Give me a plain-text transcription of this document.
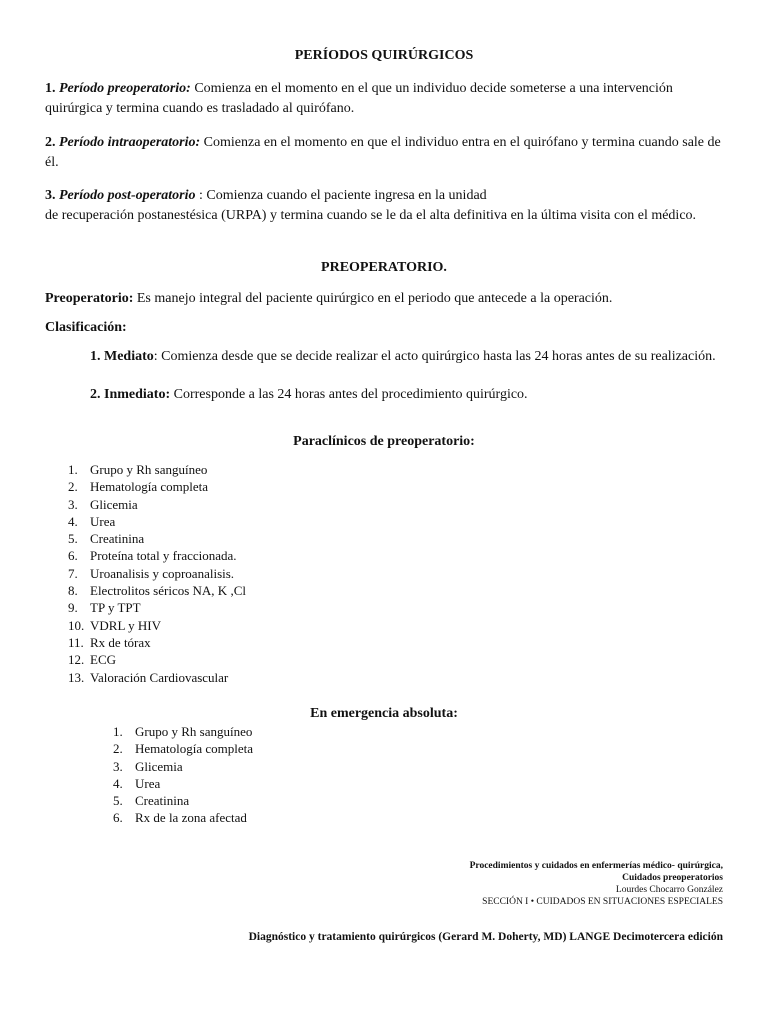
PERÍODOS QUIRÚRGICOS
1. Período preoperatorio: Comienza en el momento en el que un individuo decide someterse a una intervención quirúrgica y termina cuando es trasladado al quirófano.
2. Período intraoperatorio: Comienza en el momento en que el individuo entra en el quirófano y termina cuando sale de él.
3. Período post-operatorio : Comienza cuando el paciente ingresa en la unidad
de recuperación postanestésica (URPA) y termina cuando se le da el alta definitiva en la última visita con el médico.
PREOPERATORIO.
Preoperatorio: Es manejo integral del paciente quirúrgico en el periodo que antecede a la operación.
Clasificación:
1. Mediato: Comienza desde que se decide realizar el acto quirúrgico hasta las 24 horas antes de su realización.
2. Inmediato: Corresponde a las 24 horas antes del procedimiento quirúrgico.
Paraclínicos de preoperatorio:
1. Grupo y Rh sanguíneo
2. Hematología completa
3. Glicemia
4. Urea
5. Creatinina
6. Proteína total y fraccionada.
7. Uroanalisis y coproanalisis.
8. Electrolitos séricos NA, K ,Cl
9. TP y TPT
10. VDRL y HIV
11. Rx de tórax
12. ECG
13. Valoración Cardiovascular
En emergencia absoluta:
1. Grupo y Rh sanguíneo
2. Hematología completa
3. Glicemia
4. Urea
5. Creatinina
6. Rx de la zona afectad
Procedimientos y cuidados en enfermerías médico- quirúrgica,
Cuidados preoperatorios
Lourdes Chocarro González
SECCIÓN I • CUIDADOS EN SITUACIONES ESPECIALES
Diagnóstico y tratamiento quirúrgicos (Gerard M. Doherty, MD) LANGE Decimotercera edición
